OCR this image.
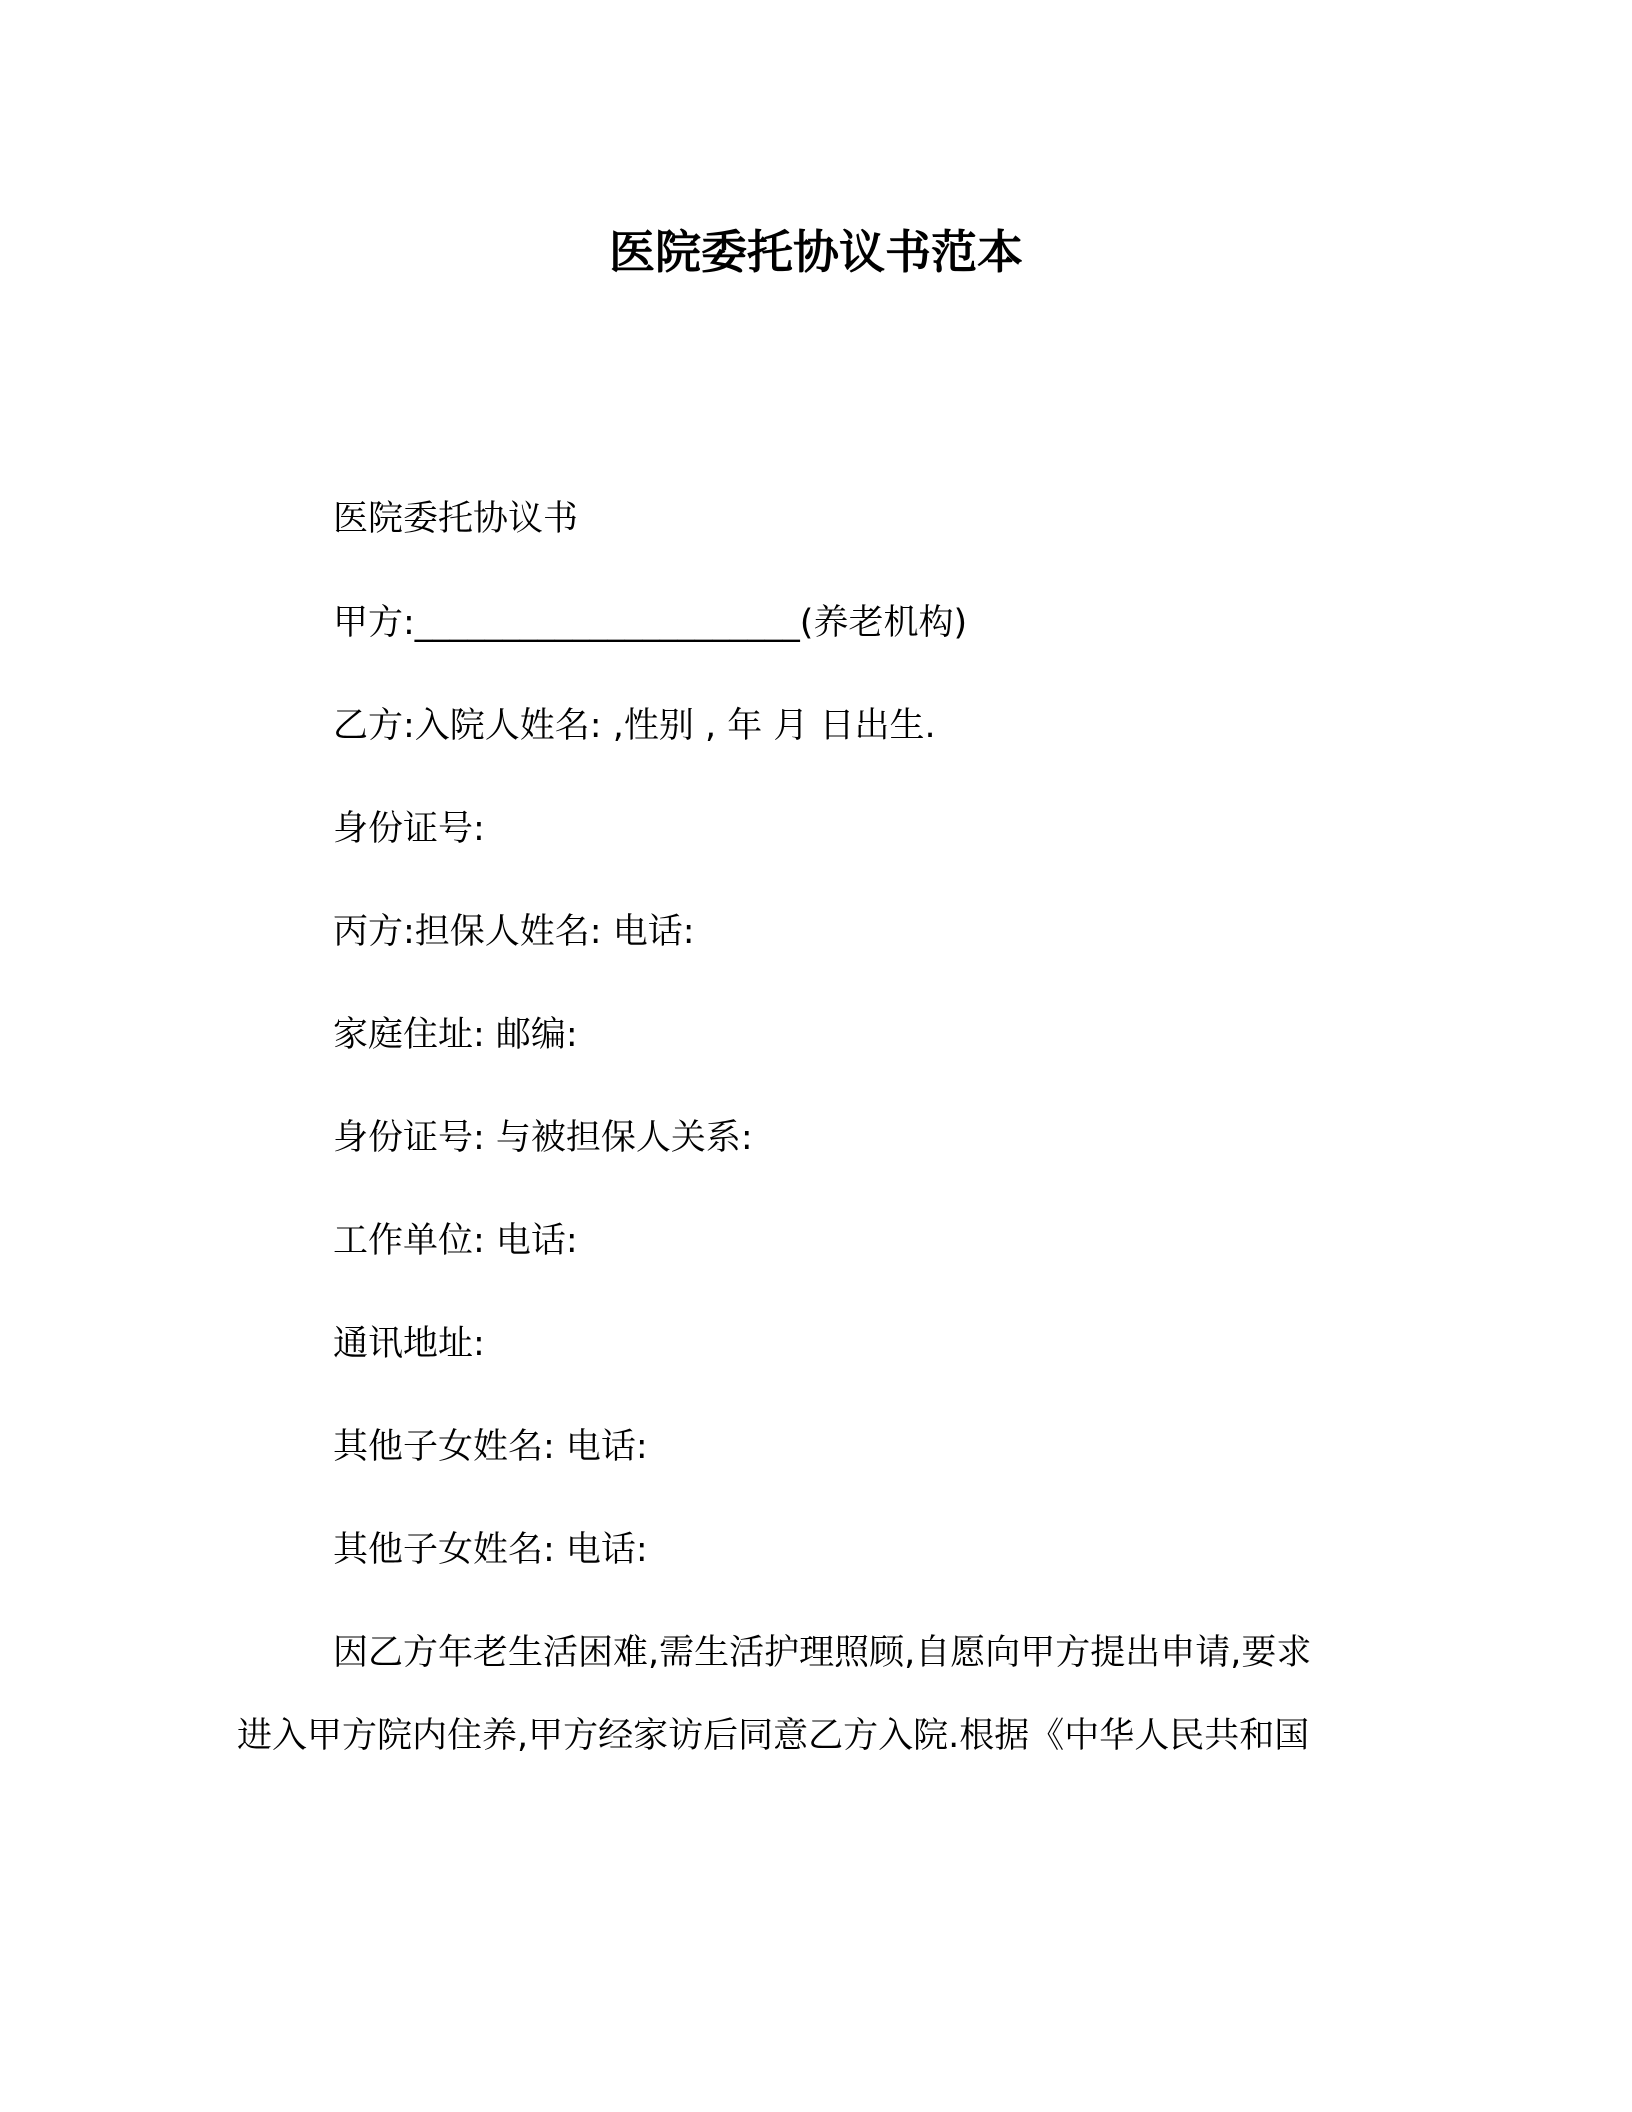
医院委托协议书范本
医院委托协议书
甲方:______________________(养老机构)
乙方:入院人姓名: ,性别 , 年 月 日出生.
身份证号:
丙方:担保人姓名: 电话:
家庭住址: 邮编:
身份证号: 与被担保人关系:
工作单位: 电话:
通讯地址:
其他子女姓名: 电话:
其他子女姓名: 电话:
因乙方年老生活困难,需生活护理照顾,自愿向甲方提出申请,要求
进入甲方院内住养,甲方经家访后同意乙方入院.根据《中华人民共和国
